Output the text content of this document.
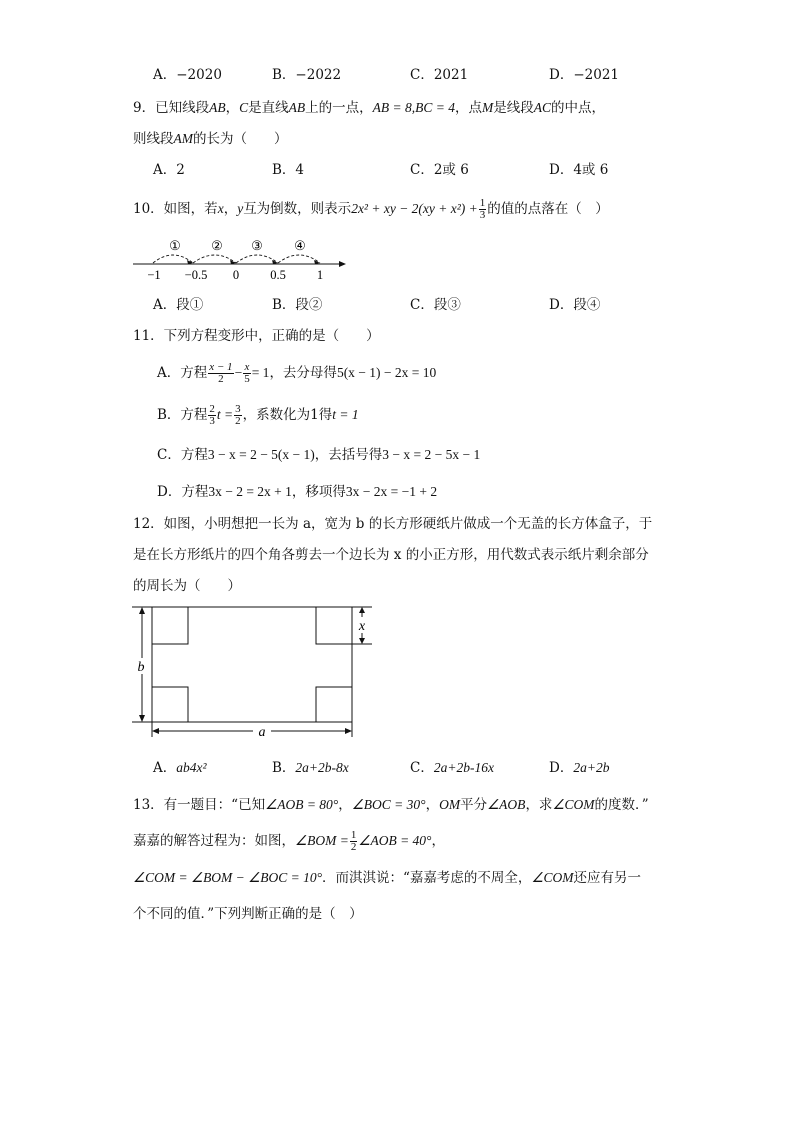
A．−2020	B．−2022	C．2021	D．−2021
9．已知线段AB，C是直线AB上的一点，AB = 8,BC = 4，点M是线段AC的中点，
则线段AM的长为（　　）
A．2	B．4	C．2或 6	D．4或 6
10．如图，若x，y互为倒数，则表示2x² + xy − $2(xy + x^2) + \frac{1}{3}$ 的值的点落在（　）
① ② ③ ④
−1 −0.5 0 0.5 1
A．段①	B．段②	C．段③	D．段④
11．下列方程变形中，正确的是（　　）
A．方程 $\frac{x - 1}{2} - \frac{x}{5} = 1$，去分母得5(x − 1) − 2x = 10
B．方程 $\frac{2}{3}$ $t = \frac{3}{2}$ ，系数化为1得t = 1
C．方程3 − x = 2 − 5(x − 1)，去括号得3 − x = 2 − 5x − 1
D．方程3x − 2 = 2x + 1，移项得3x − 2x = −1 + 2
12．如图，小明想把一长为 a，宽为 b 的长方形硬纸片做成一个无盖的长方体盒子，于
是在长方形纸片的四个角各剪去一个边长为 x 的小正方形，用代数式表示纸片剩余部分
的周长为（　　）
b
x
a
A．ab4x²	B．2a+2b-8x	C．2a+2b-16x	D．2a+2b
13．有一题目：“已知∠AOB = 80°，∠BOC = 30°，OM平分∠AOB，求∠COM的度数．”
嘉嘉的解答过程为：如图，∠BOM = $\frac{1}{2}$ ∠AOB = 40°，
∠COM = ∠BOM − ∠BOC = 10°．而淇淇说：“嘉嘉考虑的不周全，∠COM还应有另一
个不同的值．”下列判断正确的是（　）
